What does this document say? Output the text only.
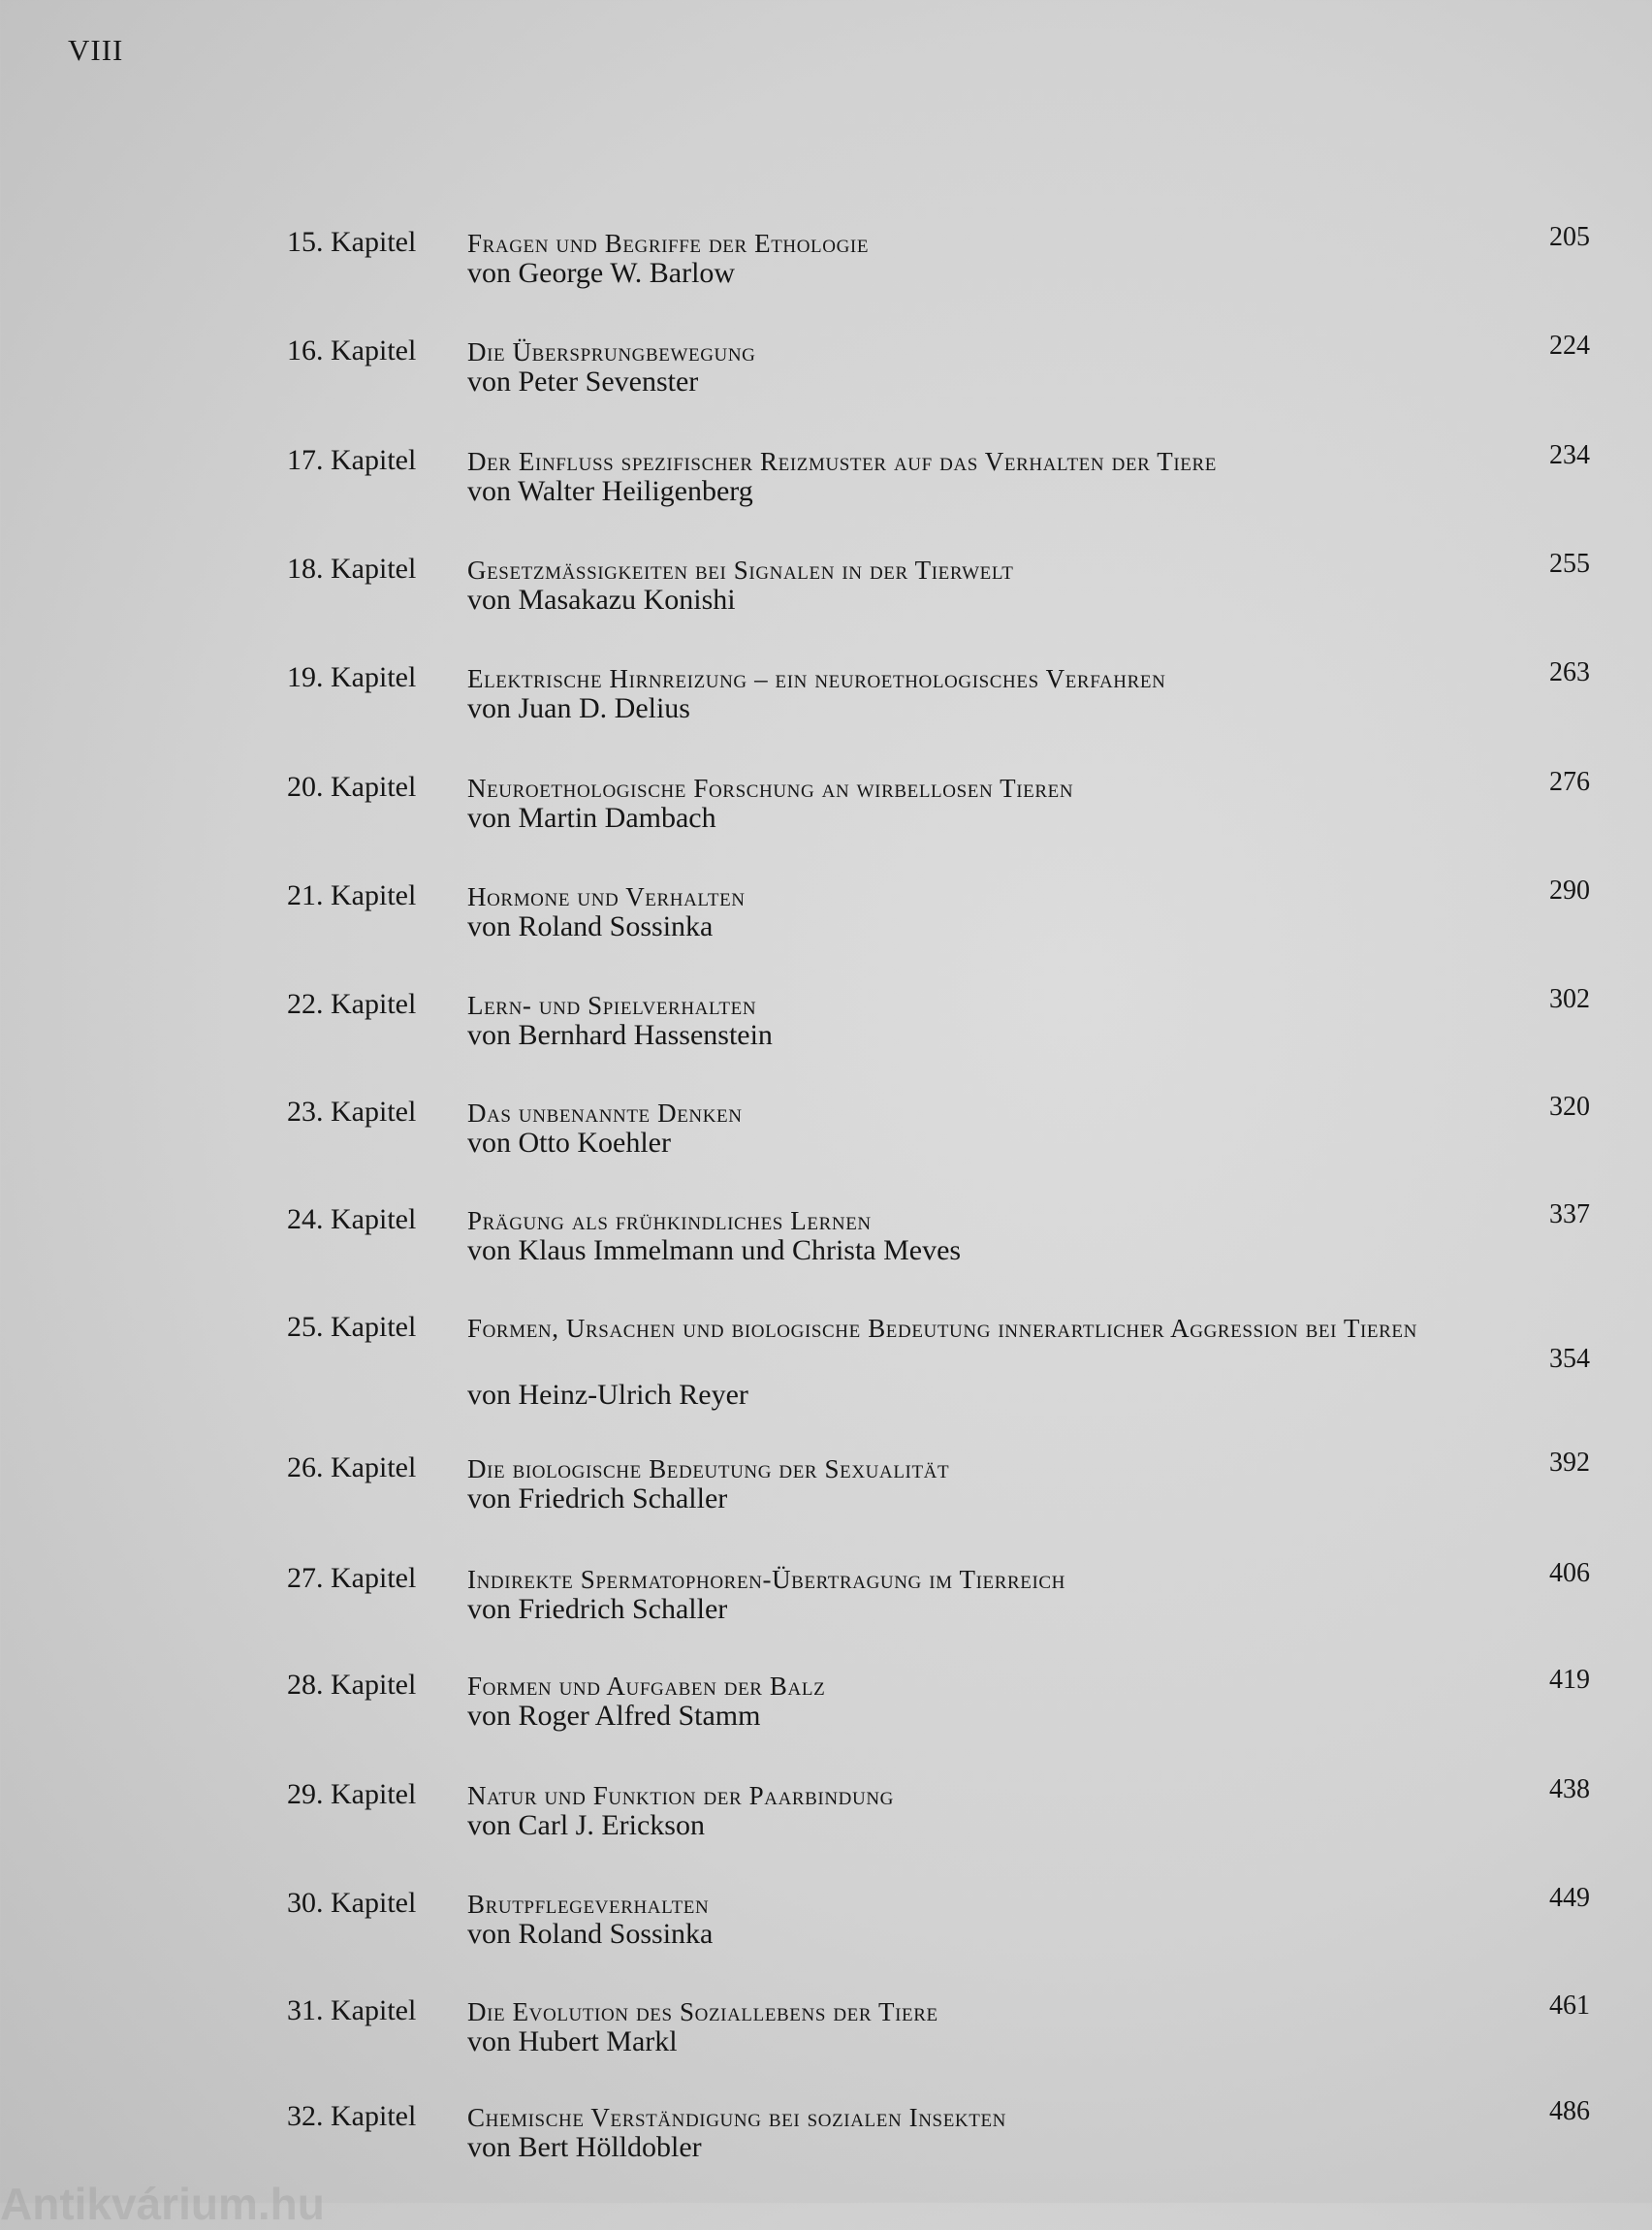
VIII
15. Kapitel Fragen und Begriffe der Ethologie
von George W. Barlow
205
16. Kapitel Die Übersprungbewegung
von Peter Sevenster
224
17. Kapitel Der Einfluss spezifischer Reizmuster auf das Verhalten der Tiere
von Walter Heiligenberg
234
18. Kapitel Gesetzmässigkeiten bei Signalen in der Tierwelt
von Masakazu Konishi
255
19. Kapitel Elektrische Hirnreizung – ein neuroethologisches Verfahren
von Juan D. Delius
263
20. Kapitel Neuroethologische Forschung an wirbellosen Tieren
von Martin Dambach
276
21. Kapitel Hormone und Verhalten
von Roland Sossinka
290
22. Kapitel Lern- und Spielverhalten
von Bernhard Hassenstein
302
23. Kapitel Das unbenannte Denken
von Otto Koehler
320
24. Kapitel Prägung als frühkindliches Lernen
von Klaus Immelmann und Christa Meves
337
25. Kapitel Formen, Ursachen und biologische Bedeutung innerartlicher Aggression bei Tieren
von Heinz-Ulrich Reyer
354
26. Kapitel Die biologische Bedeutung der Sexualität
von Friedrich Schaller
392
27. Kapitel Indirekte Spermatophoren-Übertragung im Tierreich
von Friedrich Schaller
406
28. Kapitel Formen und Aufgaben der Balz
von Roger Alfred Stamm
419
29. Kapitel Natur und Funktion der Paarbindung
von Carl J. Erickson
438
30. Kapitel Brutpflegeverhalten
von Roland Sossinka
449
31. Kapitel Die Evolution des Soziallebens der Tiere
von Hubert Markl
461
32. Kapitel Chemische Verständigung bei sozialen Insekten
von Bert Hölldobler
486
Antikvárium.hu
